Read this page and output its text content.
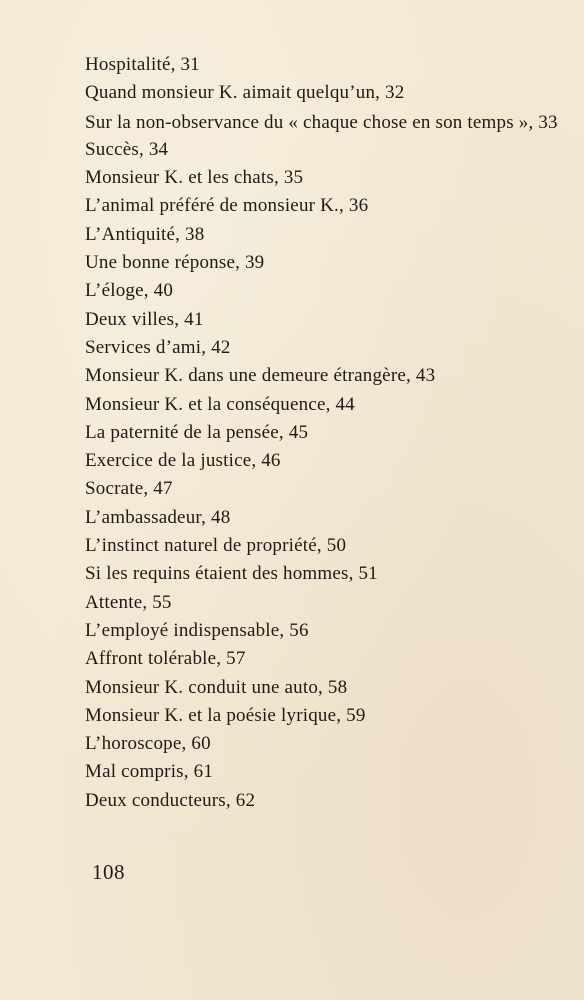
Hospitalité, 31
Quand monsieur K. aimait quelqu’un, 32
Sur la non-observance du « chaque chose en son temps », 33
Succès, 34
Monsieur K. et les chats, 35
L’animal préféré de monsieur K., 36
L’Antiquité, 38
Une bonne réponse, 39
L’éloge, 40
Deux villes, 41
Services d’ami, 42
Monsieur K. dans une demeure étrangère, 43
Monsieur K. et la conséquence, 44
La paternité de la pensée, 45
Exercice de la justice, 46
Socrate, 47
L’ambassadeur, 48
L’instinct naturel de propriété, 50
Si les requins étaient des hommes, 51
Attente, 55
L’employé indispensable, 56
Affront tolérable, 57
Monsieur K. conduit une auto, 58
Monsieur K. et la poésie lyrique, 59
L’horoscope, 60
Mal compris, 61
Deux conducteurs, 62
108
